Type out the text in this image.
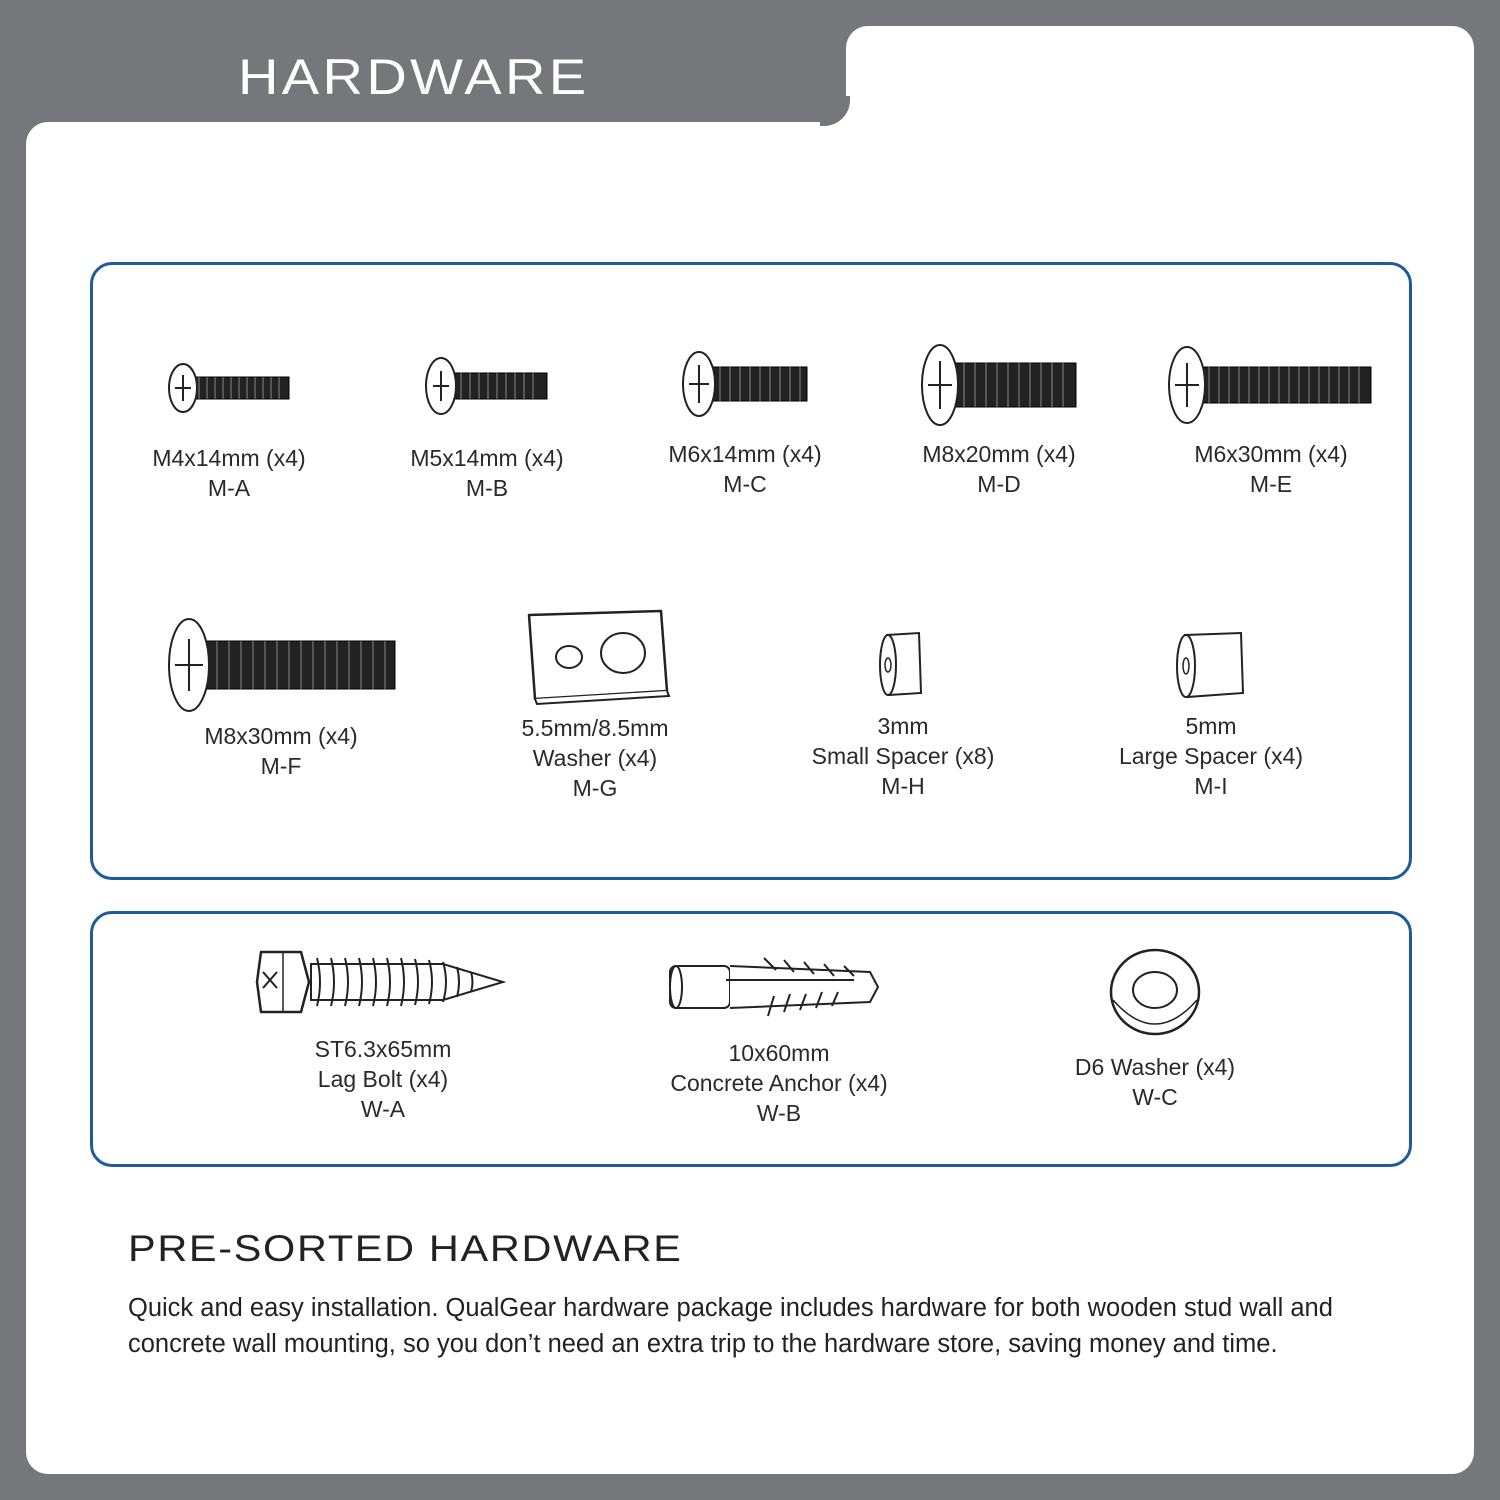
HARDWARE

M4x14mm (x4)

M-A

M5x14mm (x4)

M-B

M6x14mm (x4)

M-C

M8x20mm (x4)

M-D

M6x30mm (x4)

M-E

M8x30mm (x4)

M-F

5.5mm/8.5mm

Washer (x4)

M-G

3mm

Small Spacer (x8)

M-H

5mm

Large Spacer (x4)

M-I

ST6.3x65mm

Lag Bolt (x4)

W-A

10x60mm

Concrete Anchor (x4)

W-B

D6 Washer (x4)

W-C

PRE-SORTED HARDWARE

Quick and easy installation. QualGear hardware package includes hardware for both wooden stud wall and concrete wall mounting, so you don’t need an extra trip to the hardware store, saving money and time.
